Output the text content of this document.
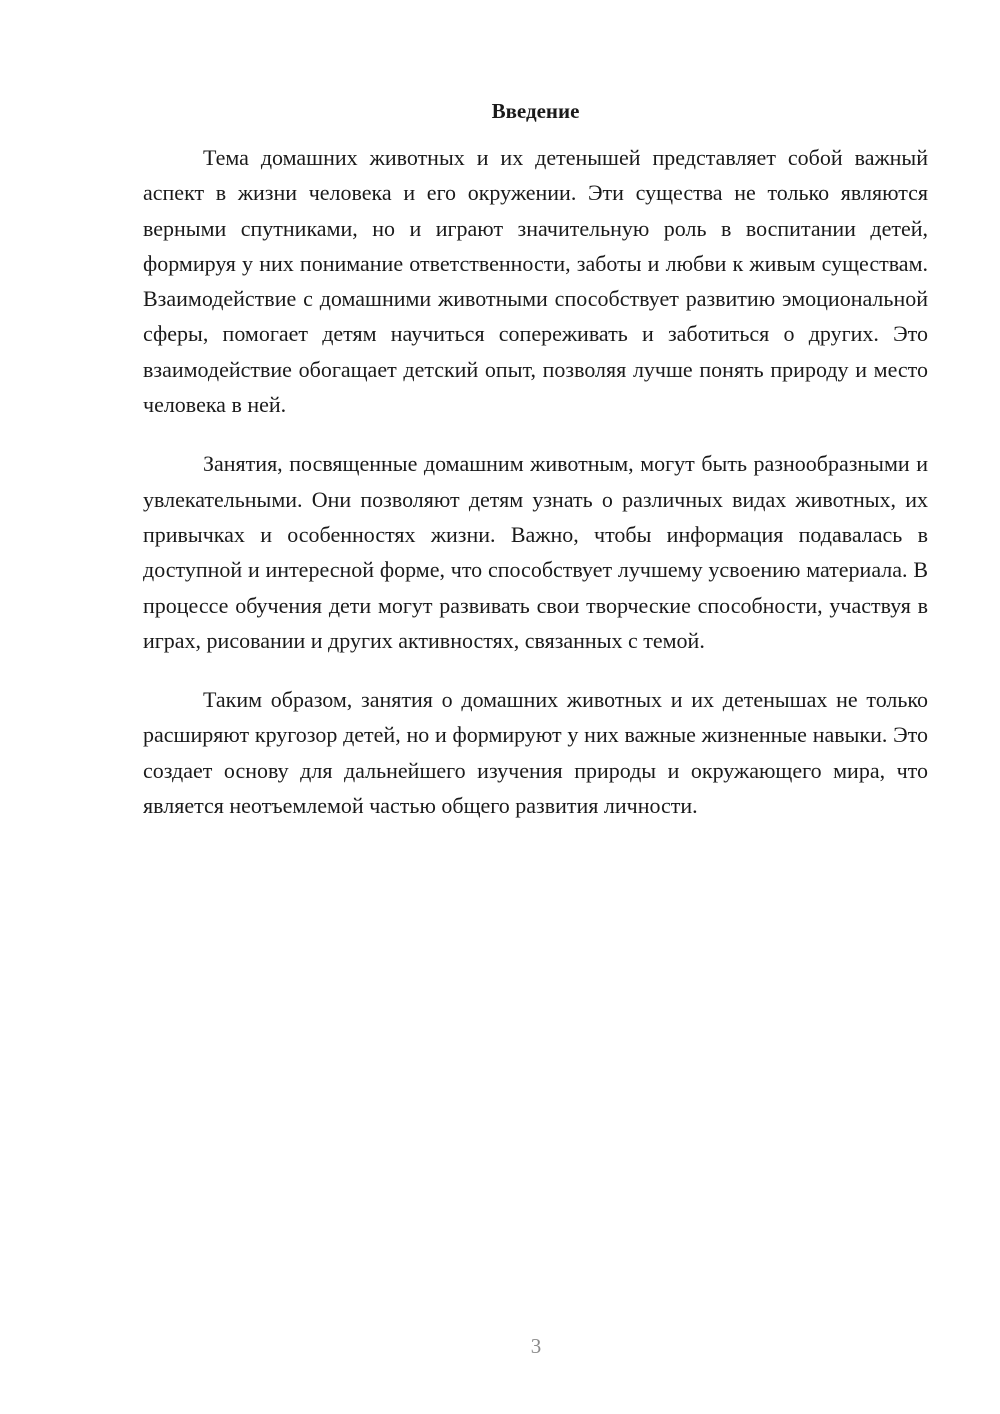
Введение

Тема домашних животных и их детенышей представляет собой важный аспект в жизни человека и его окружении. Эти существа не только являются верными спутниками, но и играют значительную роль в воспитании детей, формируя у них понимание ответственности, заботы и любви к живым существам. Взаимодействие с домашними животными способствует развитию эмоциональной сферы, помогает детям научиться сопереживать и заботиться о других. Это взаимодействие обогащает детский опыт, позволяя лучше понять природу и место человека в ней.

Занятия, посвященные домашним животным, могут быть разнообразными и увлекательными. Они позволяют детям узнать о различных видах животных, их привычках и особенностях жизни. Важно, чтобы информация подавалась в доступной и интересной форме, что способствует лучшему усвоению материала. В процессе обучения дети могут развивать свои творческие способности, участвуя в играх, рисовании и других активностях, связанных с темой.

Таким образом, занятия о домашних животных и их детенышах не только расширяют кругозор детей, но и формируют у них важные жизненные навыки. Это создает основу для дальнейшего изучения природы и окружающего мира, что является неотъемлемой частью общего развития личности.

3
